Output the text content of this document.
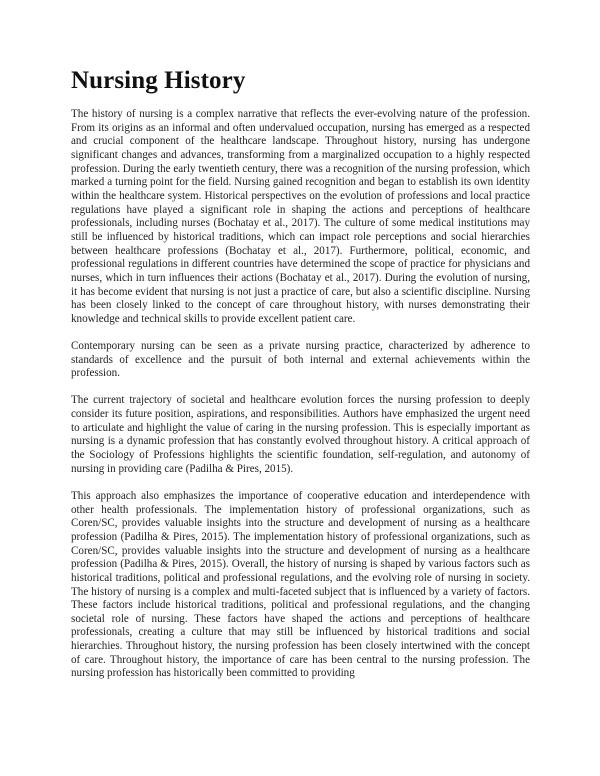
Nursing History

The history of nursing is a complex narrative that reflects the ever-evolving nature of the profession. From its origins as an informal and often undervalued occupation, nursing has emerged as a respected and crucial component of the healthcare landscape. Throughout history, nursing has undergone significant changes and advances, transforming from a marginalized occupation to a highly respected profession. During the early twentieth century, there was a recognition of the nursing profession, which marked a turning point for the field. Nursing gained recognition and began to establish its own identity within the healthcare system. Historical perspectives on the evolution of professions and local practice regulations have played a significant role in shaping the actions and perceptions of healthcare professionals, including nurses (Bochatay et al., 2017). The culture of some medical institutions may still be influenced by historical traditions, which can impact role perceptions and social hierarchies between healthcare professions (Bochatay et al., 2017). Furthermore, political, economic, and professional regulations in different countries have determined the scope of practice for physicians and nurses, which in turn influences their actions (Bochatay et al., 2017). During the evolution of nursing, it has become evident that nursing is not just a practice of care, but also a scientific discipline. Nursing has been closely linked to the concept of care throughout history, with nurses demonstrating their knowledge and technical skills to provide excellent patient care.

Contemporary nursing can be seen as a private nursing practice, characterized by adherence to standards of excellence and the pursuit of both internal and external achievements within the profession.

The current trajectory of societal and healthcare evolution forces the nursing profession to deeply consider its future position, aspirations, and responsibilities. Authors have emphasized the urgent need to articulate and highlight the value of caring in the nursing profession. This is especially important as nursing is a dynamic profession that has constantly evolved throughout history. A critical approach of the Sociology of Professions highlights the scientific foundation, self-regulation, and autonomy of nursing in providing care (Padilha & Pires, 2015).

This approach also emphasizes the importance of cooperative education and interdependence with other health professionals. The implementation history of professional organizations, such as Coren/SC, provides valuable insights into the structure and development of nursing as a healthcare profession (Padilha & Pires, 2015). The implementation history of professional organizations, such as Coren/SC, provides valuable insights into the structure and development of nursing as a healthcare profession (Padilha & Pires, 2015). Overall, the history of nursing is shaped by various factors such as historical traditions, political and professional regulations, and the evolving role of nursing in society. The history of nursing is a complex and multi-faceted subject that is influenced by a variety of factors. These factors include historical traditions, political and professional regulations, and the changing societal role of nursing. These factors have shaped the actions and perceptions of healthcare professionals, creating a culture that may still be influenced by historical traditions and social hierarchies. Throughout history, the nursing profession has been closely intertwined with the concept of care. Throughout history, the importance of care has been central to the nursing profession. The nursing profession has historically been committed to providing
